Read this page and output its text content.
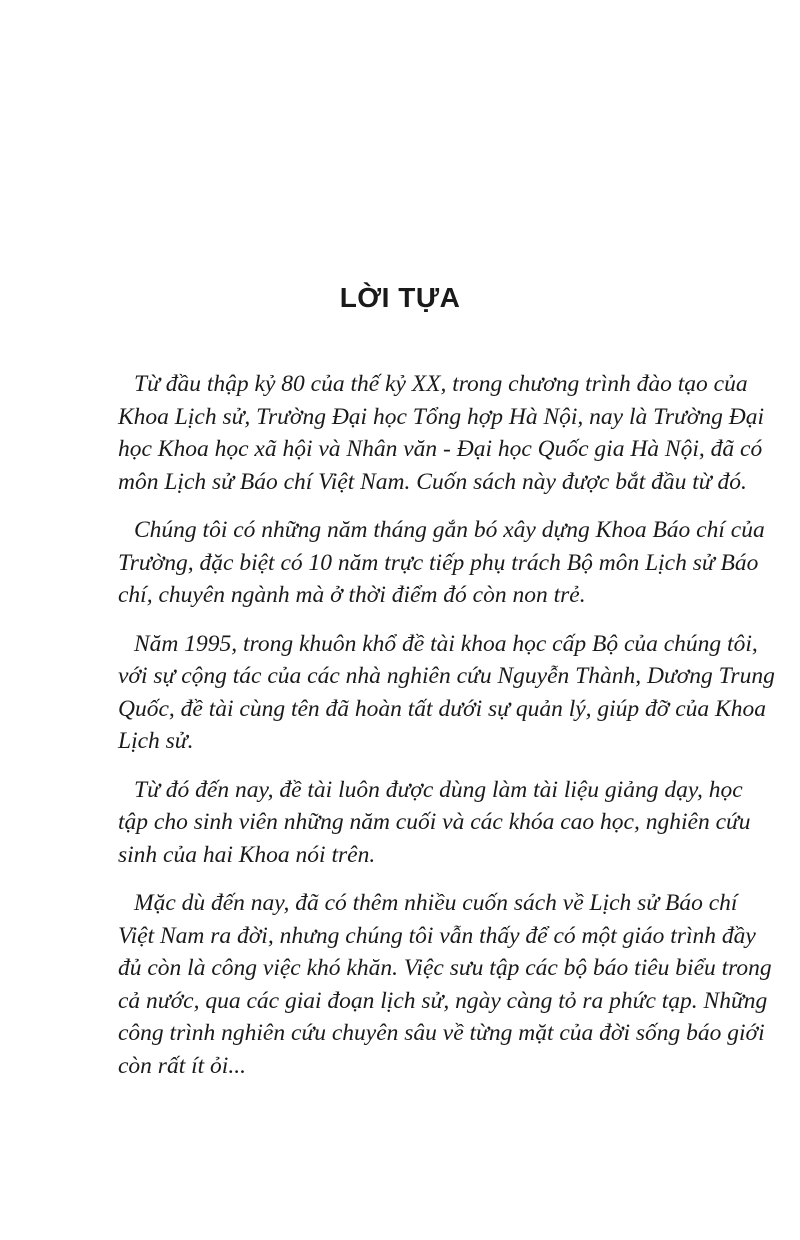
LỜI TỰA

Từ đầu thập kỷ 80 của thế kỷ XX, trong chương trình đào tạo của
Khoa Lịch sử, Trường Đại học Tổng hợp Hà Nội, nay là Trường Đại
học Khoa học xã hội và Nhân văn - Đại học Quốc gia Hà Nội, đã có
môn Lịch sử Báo chí Việt Nam. Cuốn sách này được bắt đầu từ đó.

Chúng tôi có những năm tháng gắn bó xây dựng Khoa Báo chí của
Trường, đặc biệt có 10 năm trực tiếp phụ trách Bộ môn Lịch sử Báo
chí, chuyên ngành mà ở thời điểm đó còn non trẻ.

Năm 1995, trong khuôn khổ đề tài khoa học cấp Bộ của chúng tôi,
với sự cộng tác của các nhà nghiên cứu Nguyễn Thành, Dương Trung
Quốc, đề tài cùng tên đã hoàn tất dưới sự quản lý, giúp đỡ của Khoa
Lịch sử.

Từ đó đến nay, đề tài luôn được dùng làm tài liệu giảng dạy, học
tập cho sinh viên những năm cuối và các khóa cao học, nghiên cứu
sinh của hai Khoa nói trên.

Mặc dù đến nay, đã có thêm nhiều cuốn sách về Lịch sử Báo chí
Việt Nam ra đời, nhưng chúng tôi vẫn thấy để có một giáo trình đầy
đủ còn là công việc khó khăn. Việc sưu tập các bộ báo tiêu biểu trong
cả nước, qua các giai đoạn lịch sử, ngày càng tỏ ra phức tạp. Những
công trình nghiên cứu chuyên sâu về từng mặt của đời sống báo giới
còn rất ít ỏi...
